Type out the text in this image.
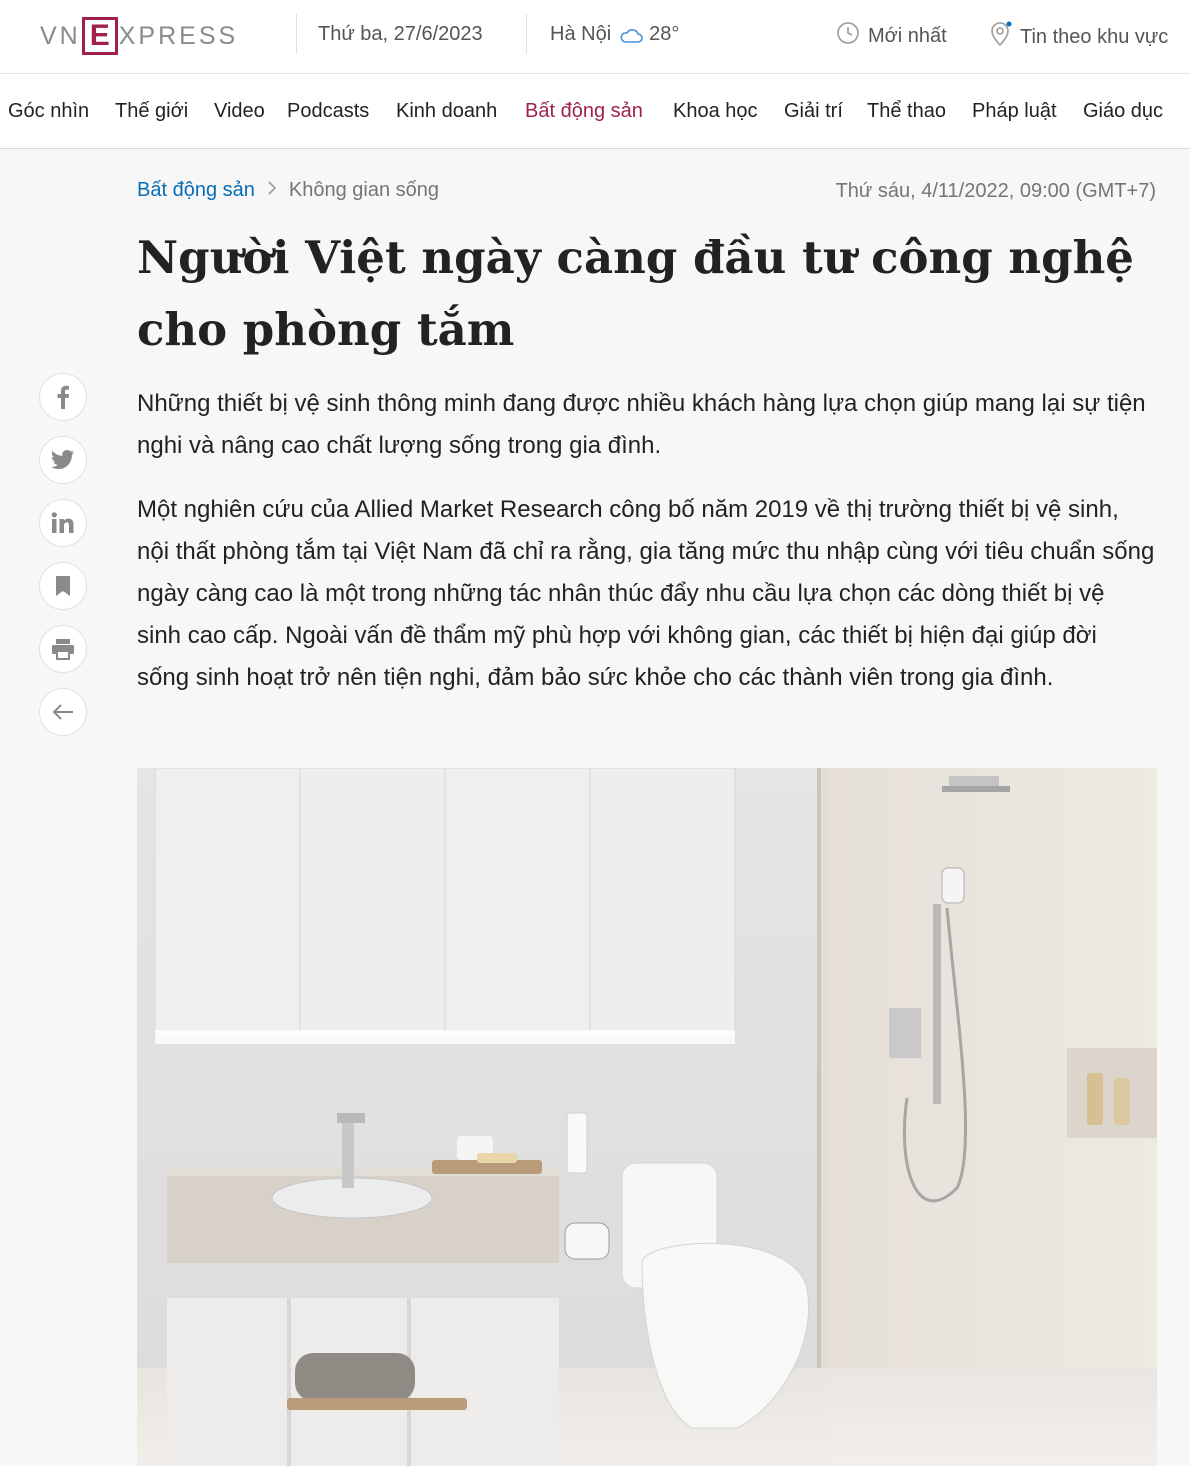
VN E XPRESS	Thứ ba, 27/6/2023	Hà Nội 28°	Mới nhất	Tin theo khu vực
Góc nhìn Thế giới Video Podcasts Kinh doanh Bất động sản Khoa học Giải trí Thể thao Pháp luật Giáo dục
Bất động sản Không gian sống	Thứ sáu, 4/11/2022, 09:00 (GMT+7)
Người Việt ngày càng đầu tư công nghệ cho phòng tắm

Những thiết bị vệ sinh thông minh đang được nhiều khách hàng lựa chọn giúp mang lại sự tiện nghi và nâng cao chất lượng sống trong gia đình.

Một nghiên cứu của Allied Market Research công bố năm 2019 về thị trường thiết bị vệ sinh, nội thất phòng tắm tại Việt Nam đã chỉ ra rằng, gia tăng mức thu nhập cùng với tiêu chuẩn sống ngày càng cao là một trong những tác nhân thúc đẩy nhu cầu lựa chọn các dòng thiết bị vệ sinh cao cấp. Ngoài vấn đề thẩm mỹ phù hợp với không gian, các thiết bị hiện đại giúp đời sống sinh hoạt trở nên tiện nghi, đảm bảo sức khỏe cho các thành viên trong gia đình.
